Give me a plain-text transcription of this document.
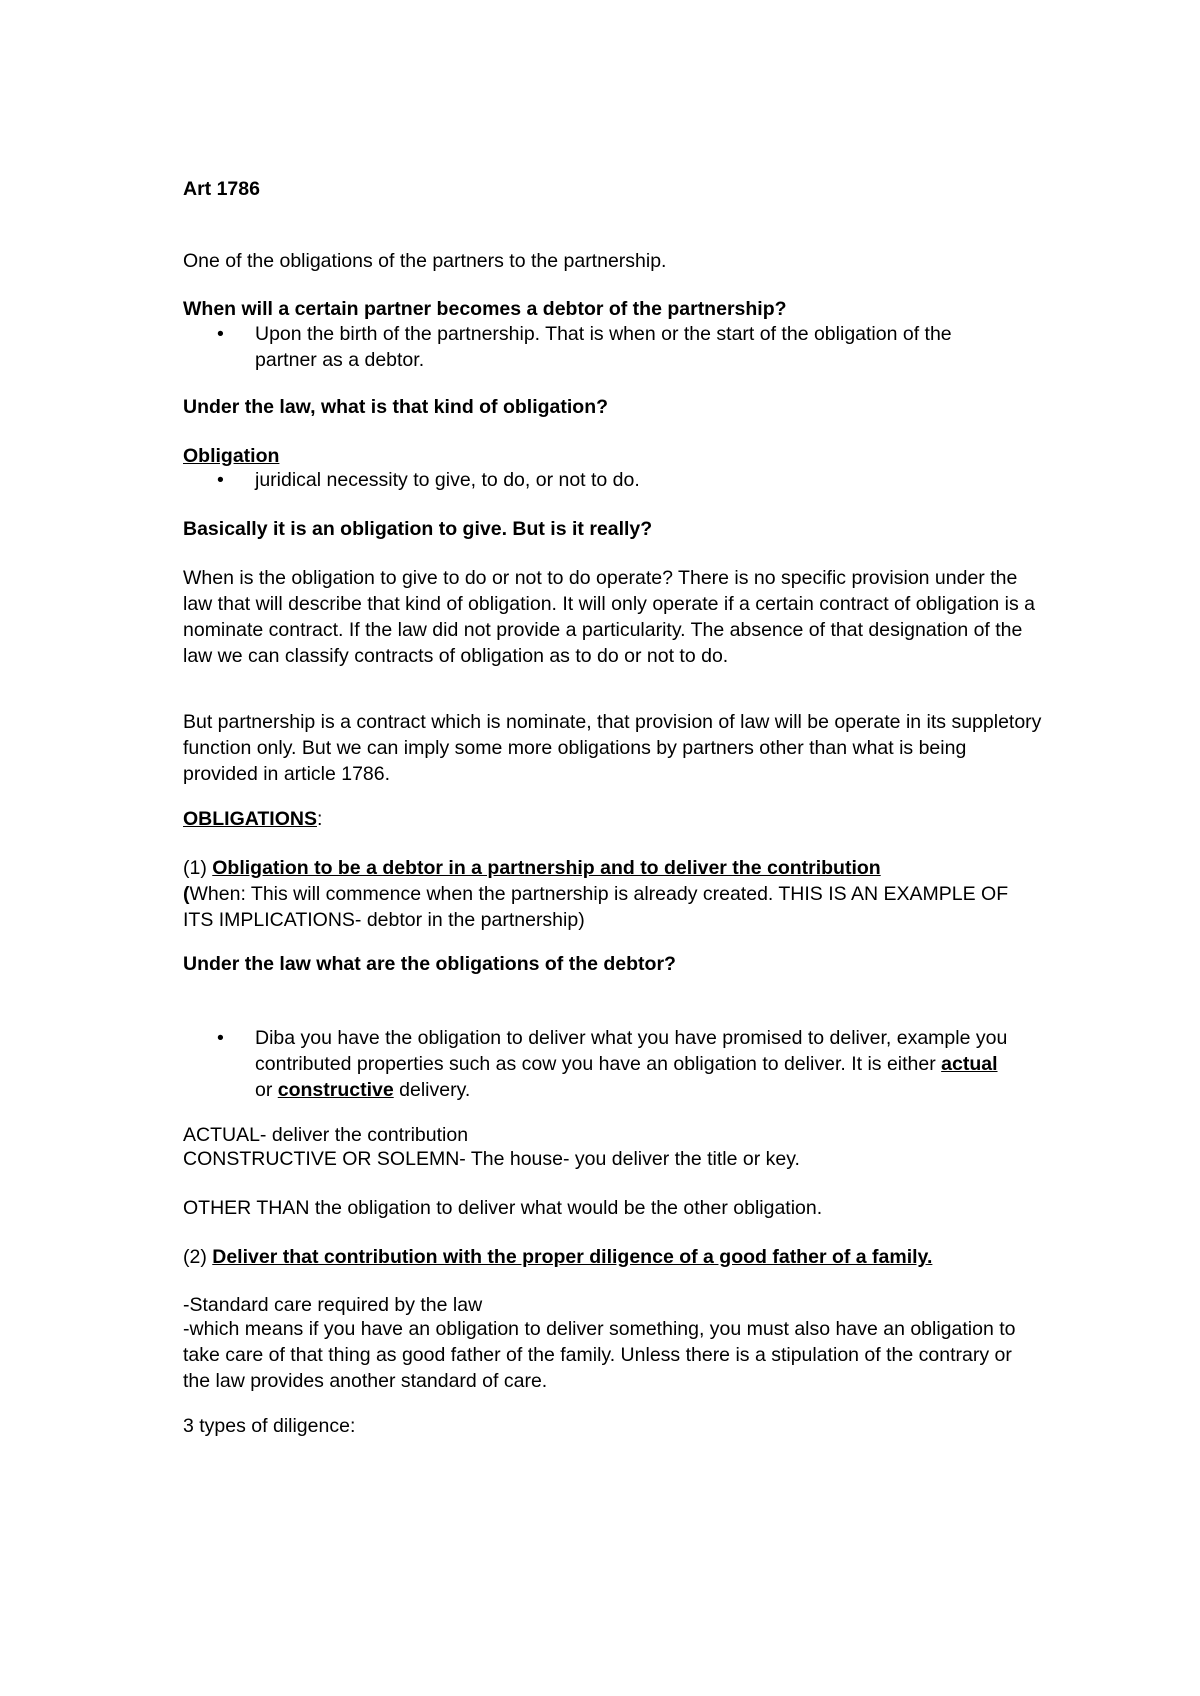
Art 1786
One of the obligations of the partners to the partnership.
When will a certain partner becomes a debtor of the partnership?
•	Upon the birth of the partnership. That is when or the start of the obligation of the partner as a debtor.
Under the law, what is that kind of obligation?
Obligation
•	juridical necessity to give, to do, or not to do.
Basically it is an obligation to give. But is it really?
When is the obligation to give to do or not to do operate? There is no specific provision under the law that will describe that kind of obligation. It will only operate if a certain contract of obligation is a nominate contract. If the law did not provide a particularity. The absence of that designation of the law we can classify contracts of obligation as to do or not to do.
But partnership is a contract which is nominate, that provision of law will be operate in its suppletory function only. But we can imply some more obligations by partners other than what is being provided in article 1786.
OBLIGATIONS:
(1) Obligation to be a debtor in a partnership and to deliver the contribution
(When: This will commence when the partnership is already created. THIS IS AN EXAMPLE OF ITS IMPLICATIONS- debtor in the partnership)
Under the law what are the obligations of the debtor?
•	Diba you have the obligation to deliver what you have promised to deliver, example you contributed properties such as cow you have an obligation to deliver. It is either actual or constructive delivery.
ACTUAL- deliver the contribution
CONSTRUCTIVE OR SOLEMN- The house- you deliver the title or key.
OTHER THAN the obligation to deliver what would be the other obligation.
(2) Deliver that contribution with the proper diligence of a good father of a family.
-Standard care required by the law
-which means if you have an obligation to deliver something, you must also have an obligation to take care of that thing as good father of the family. Unless there is a stipulation of the contrary or the law provides another standard of care.
3 types of diligence:
